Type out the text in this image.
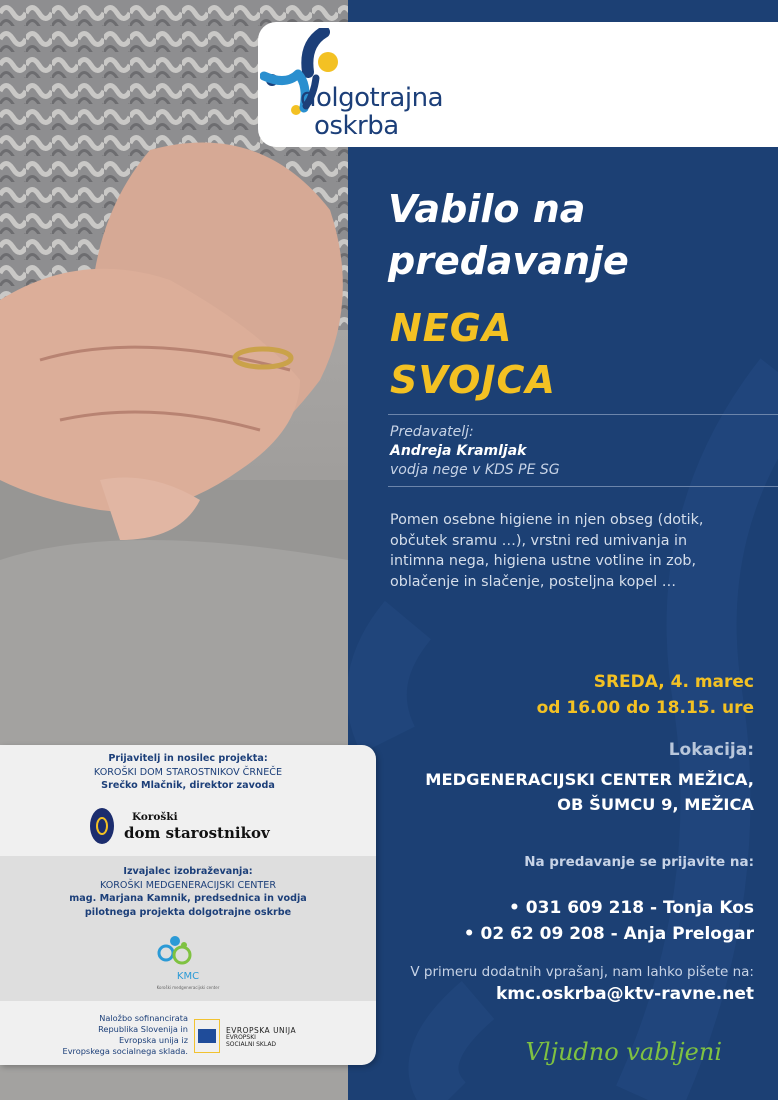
dolgotrajna
oskrba
Vabilo na
predavanje
NEGA
SVOJCA
Predavatelj:
Andreja Kramljak
vodja nege v KDS PE SG
Pomen osebne higiene in njen obseg (dotik, občutek sramu …), vrstni red umivanja in intimna nega, higiena ustne votline in zob, oblačenje in slačenje, posteljna kopel …
SREDA, 4. marec
od 16.00 do 18.15. ure
Lokacija:
MEDGENERACIJSKI CENTER MEŽICA,
OB ŠUMCU 9, MEŽICA
Na predavanje se prijavite na:
• 031 609 218 - Tonja Kos
• 02 62 09 208 - Anja Prelogar
V primeru dodatnih vprašanj, nam lahko pišete na:
kmc.oskrba@ktv-ravne.net
Vljudno vabljeni
Prijavitelj in nosilec projekta:
KOROŠKI DOM STAROSTNIKOV ČRNEČE
Srečko Mlačnik, direktor zavoda
Koroški
dom starostnikov
Izvajalec izobraževanja:
KOROŠKI MEDGENERACIJSKI CENTER
mag. Marjana Kamnik, predsednica in vodja
pilotnega projekta dolgotrajne oskrbe
KMC
Koroški medgeneracijski center
Naložbo sofinancirata
Republika Slovenija in
Evropska unija iz
Evropskega socialnega sklada.
EVROPSKA UNIJA
EVROPSKI
SOCIALNI SKLAD
